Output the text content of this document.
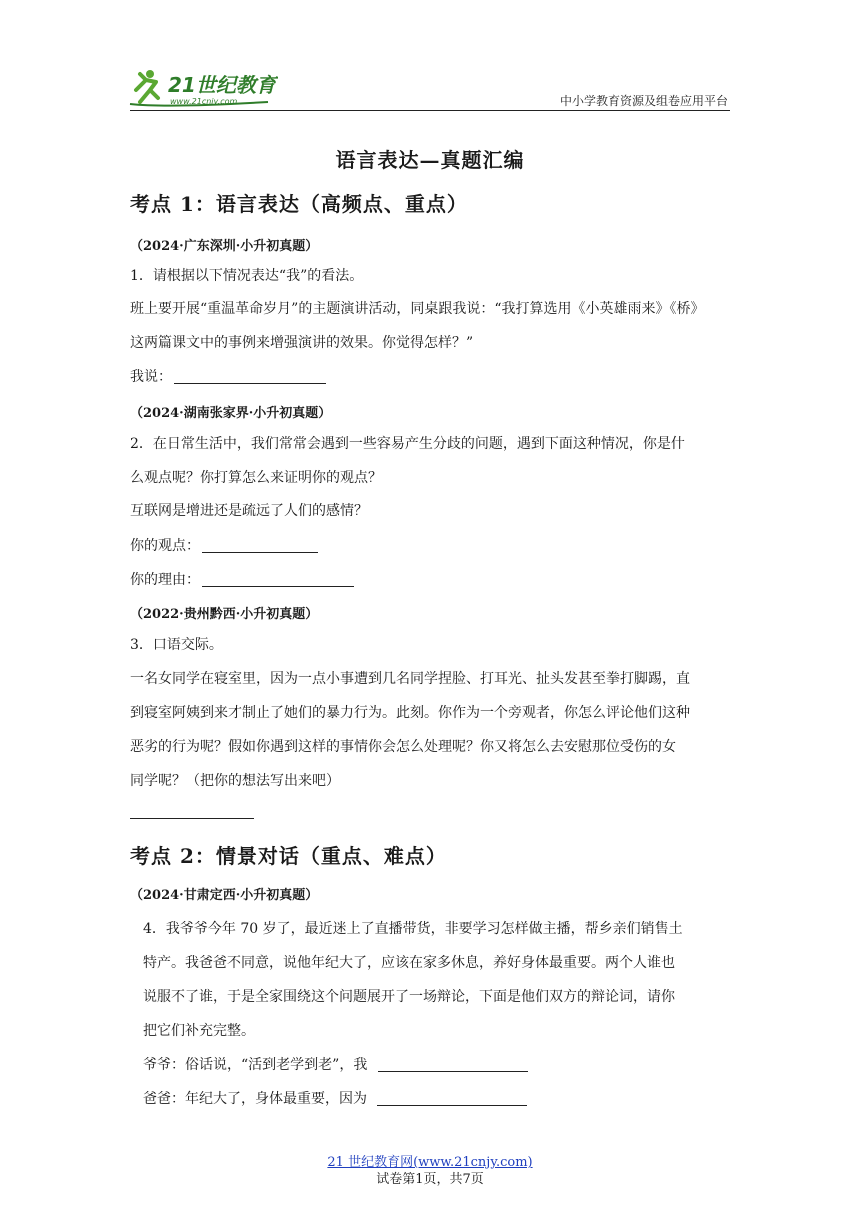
21世纪教育
www.21cnjy.com	中小学教育资源及组卷应用平台
语言表达—真题汇编
考点 1：语言表达（高频点、重点）
（2024·广东深圳·小升初真题）
1．请根据以下情况表达“我”的看法。
班上要开展“重温革命岁月”的主题演讲活动，同桌跟我说：“我打算选用《小英雄雨来》《桥》
这两篇课文中的事例来增强演讲的效果。你觉得怎样？”
我说：
（2024·湖南张家界·小升初真题）
2．在日常生活中，我们常常会遇到一些容易产生分歧的问题，遇到下面这种情况，你是什
么观点呢？你打算怎么来证明你的观点？
互联网是增进还是疏远了人们的感情？
你的观点：
你的理由：
（2022·贵州黔西·小升初真题）
3．口语交际。
一名女同学在寝室里，因为一点小事遭到几名同学捏脸、打耳光、扯头发甚至拳打脚踢，直
到寝室阿姨到来才制止了她们的暴力行为。此刻。你作为一个旁观者，你怎么评论他们这种
恶劣的行为呢？假如你遇到这样的事情你会怎么处理呢？你又将怎么去安慰那位受伤的女
同学呢？（把你的想法写出来吧）
考点 2：情景对话（重点、难点）
（2024·甘肃定西·小升初真题）
4．我爷爷今年 70 岁了，最近迷上了直播带货，非要学习怎样做主播，帮乡亲们销售土
特产。我爸爸不同意，说他年纪大了，应该在家多休息，养好身体最重要。两个人谁也
说服不了谁，于是全家围绕这个问题展开了一场辩论，下面是他们双方的辩论词，请你
把它们补充完整。
爷爷：俗话说，“活到老学到老”，我
爸爸：年纪大了，身体最重要，因为
21 世纪教育网(www.21cnjy.com)
试卷第1页，共7页
